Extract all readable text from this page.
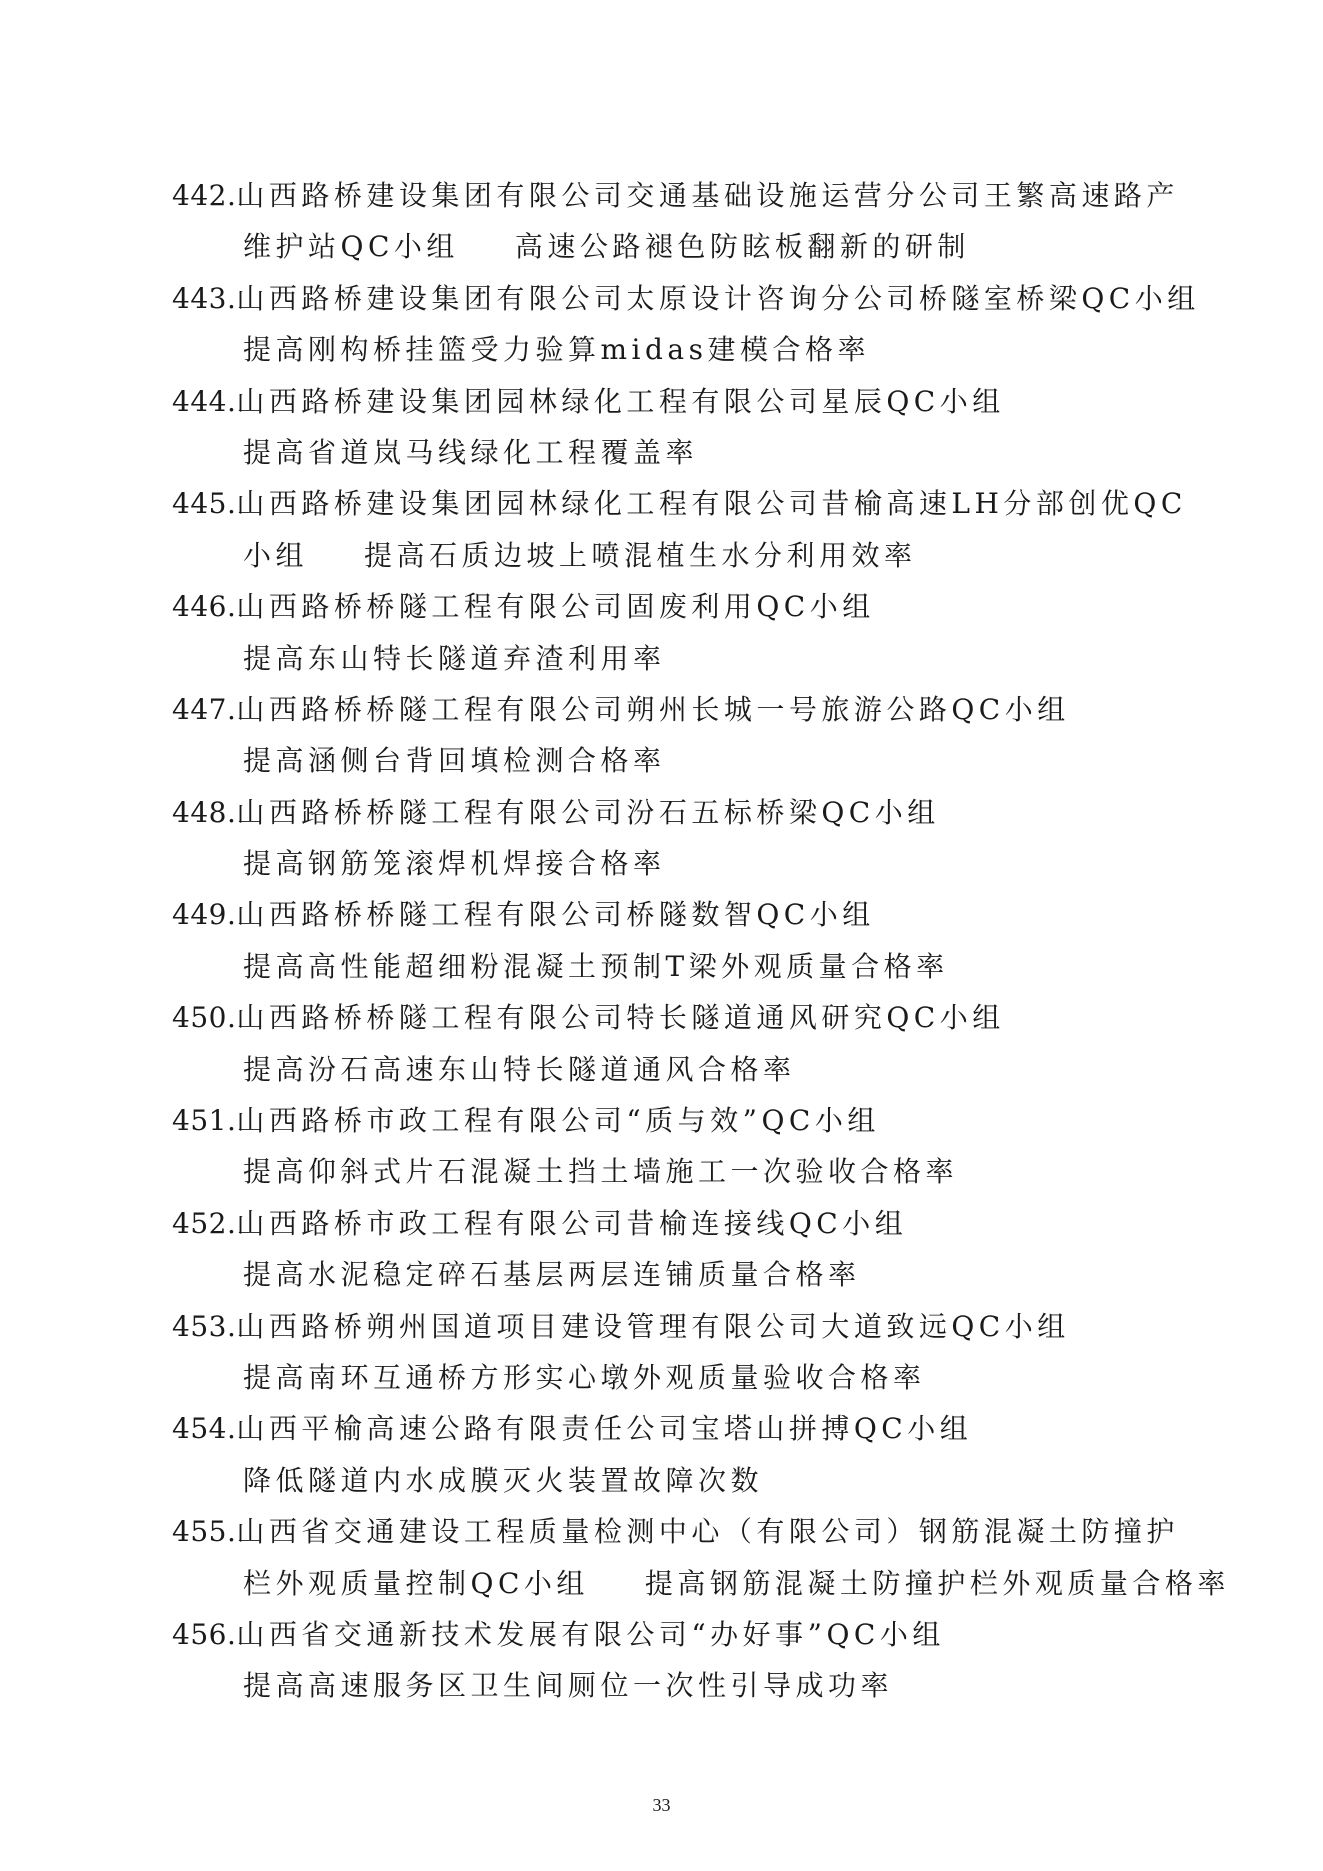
442.山西路桥建设集团有限公司交通基础设施运营分公司王繁高速路产
维护站QC小组 高速公路褪色防眩板翻新的研制
443.山西路桥建设集团有限公司太原设计咨询分公司桥隧室桥梁QC小组
提高刚构桥挂篮受力验算midas建模合格率
444.山西路桥建设集团园林绿化工程有限公司星辰QC小组
提高省道岚马线绿化工程覆盖率
445.山西路桥建设集团园林绿化工程有限公司昔榆高速LH分部创优QC
小组 提高石质边坡上喷混植生水分利用效率
446.山西路桥桥隧工程有限公司固废利用QC小组
提高东山特长隧道弃渣利用率
447.山西路桥桥隧工程有限公司朔州长城一号旅游公路QC小组
提高涵侧台背回填检测合格率
448.山西路桥桥隧工程有限公司汾石五标桥梁QC小组
提高钢筋笼滚焊机焊接合格率
449.山西路桥桥隧工程有限公司桥隧数智QC小组
提高高性能超细粉混凝土预制T梁外观质量合格率
450.山西路桥桥隧工程有限公司特长隧道通风研究QC小组
提高汾石高速东山特长隧道通风合格率
451.山西路桥市政工程有限公司“质与效”QC小组
提高仰斜式片石混凝土挡土墙施工一次验收合格率
452.山西路桥市政工程有限公司昔榆连接线QC小组
提高水泥稳定碎石基层两层连铺质量合格率
453.山西路桥朔州国道项目建设管理有限公司大道致远QC小组
提高南环互通桥方形实心墩外观质量验收合格率
454.山西平榆高速公路有限责任公司宝塔山拼搏QC小组
降低隧道内水成膜灭火装置故障次数
455.山西省交通建设工程质量检测中心（有限公司）钢筋混凝土防撞护
栏外观质量控制QC小组 提高钢筋混凝土防撞护栏外观质量合格率
456.山西省交通新技术发展有限公司“办好事”QC小组
提高高速服务区卫生间厕位一次性引导成功率
33
